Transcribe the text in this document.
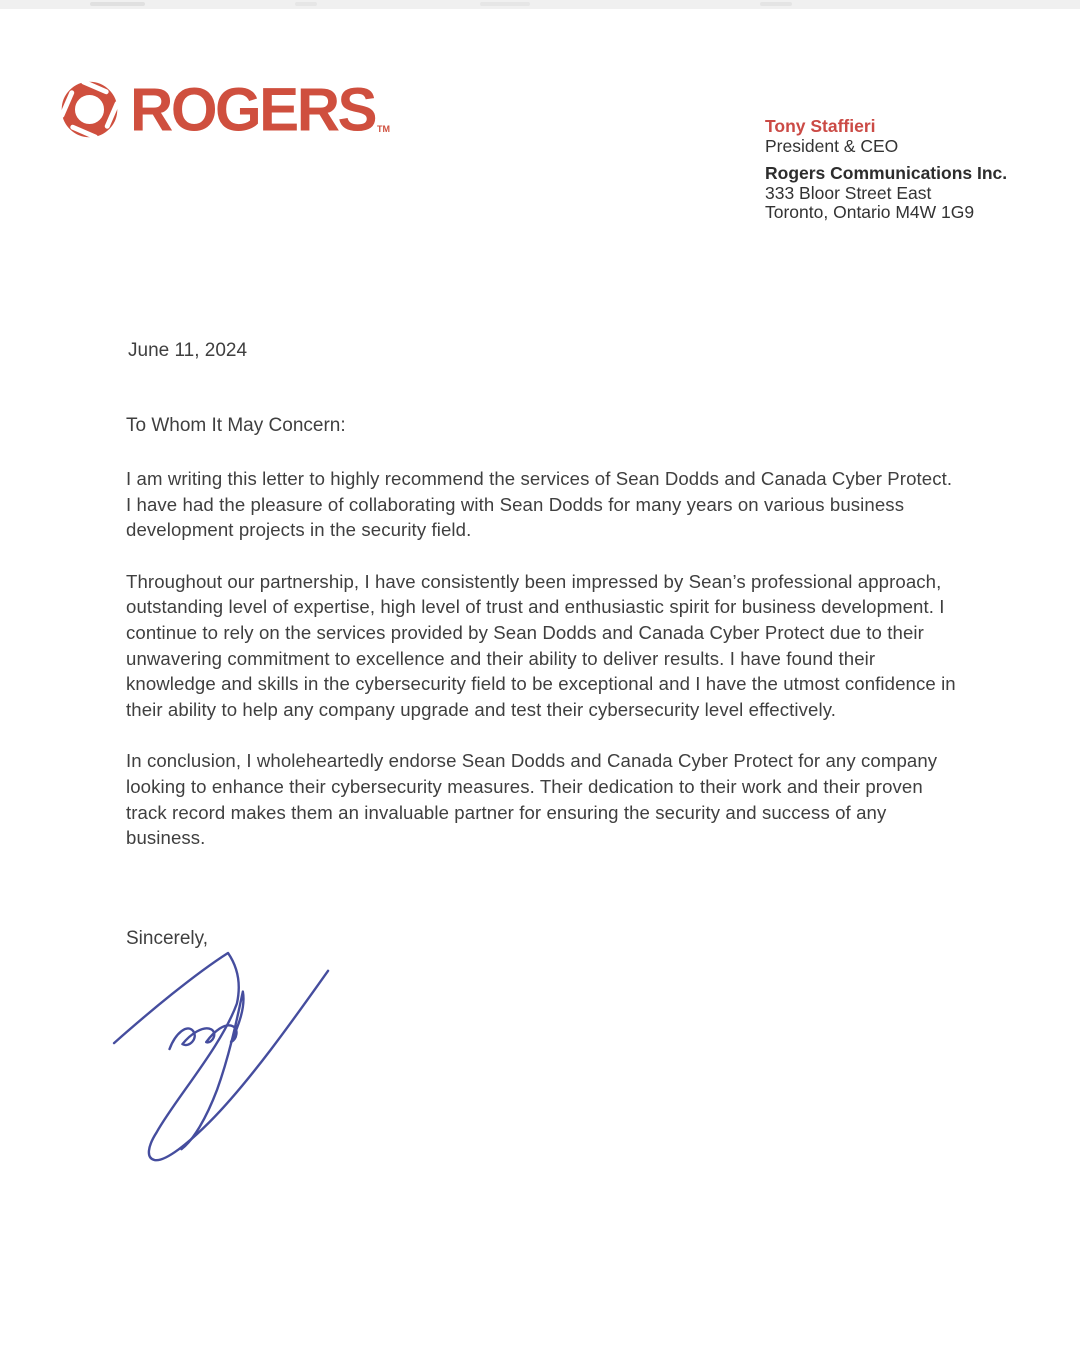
ROGERS TM	Tony Staffieri
President & CEO
Rogers Communications Inc.
333 Bloor Street East
Toronto, Ontario M4W 1G9
June 11, 2024
To Whom It May Concern:

I am writing this letter to highly recommend the services of Sean Dodds and Canada Cyber Protect. I have had the pleasure of collaborating with Sean Dodds for many years on various business development projects in the security field.

Throughout our partnership, I have consistently been impressed by Sean’s professional approach, outstanding level of expertise, high level of trust and enthusiastic spirit for business development. I continue to rely on the services provided by Sean Dodds and Canada Cyber Protect due to their unwavering commitment to excellence and their ability to deliver results. I have found their knowledge and skills in the cybersecurity field to be exceptional and I have the utmost confidence in their ability to help any company upgrade and test their cybersecurity level effectively.

In conclusion, I wholeheartedly endorse Sean Dodds and Canada Cyber Protect for any company looking to enhance their cybersecurity measures. Their dedication to their work and their proven track record makes them an invaluable partner for ensuring the security and success of any business.

Sincerely,
